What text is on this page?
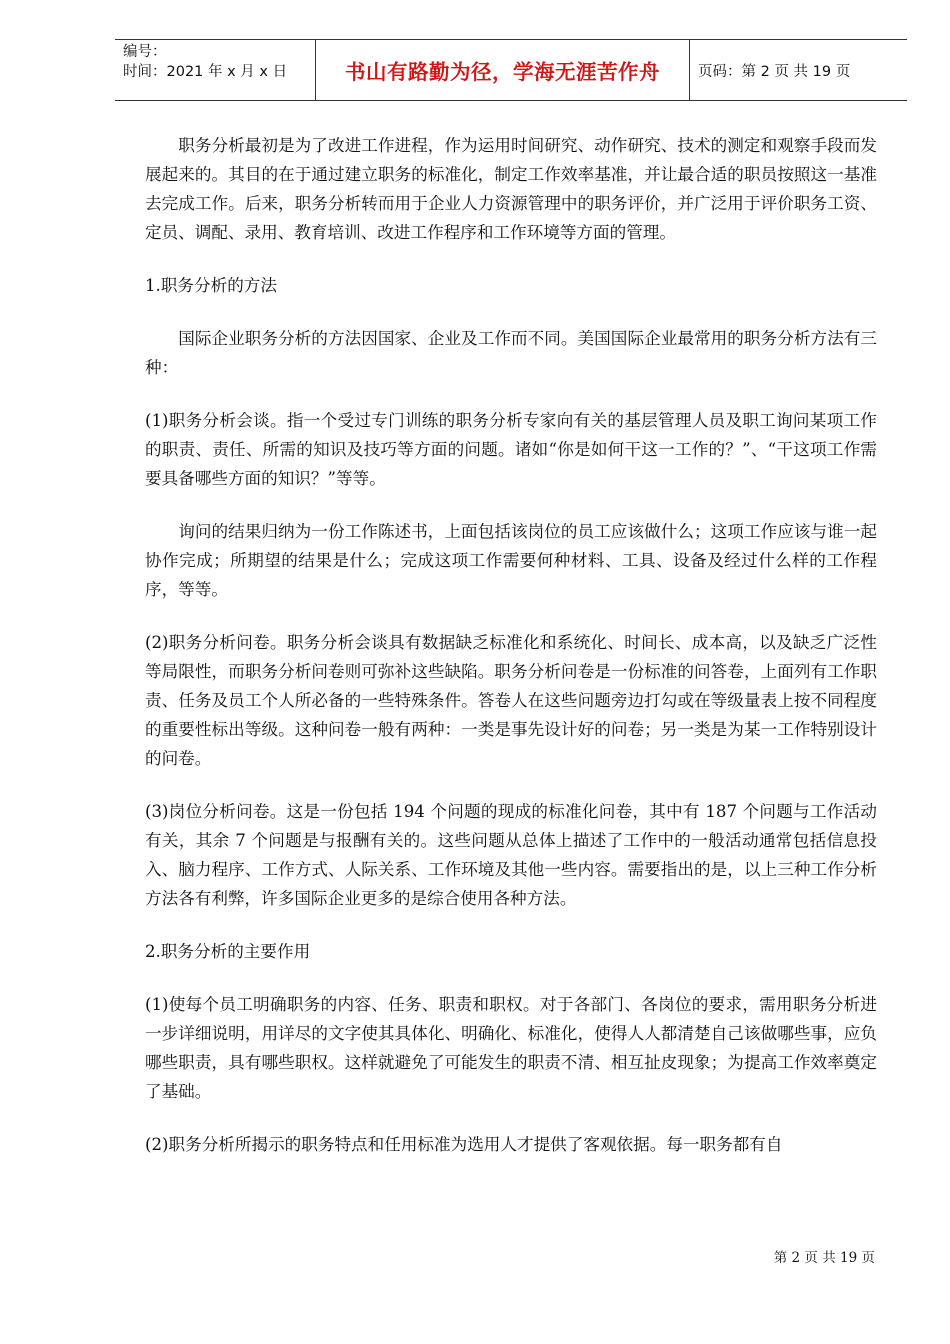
编号：
时间：2021 年 x 月 x 日	书山有路勤为径，学海无涯苦作舟	页码：第 2 页 共 19 页

职务分析最初是为了改进工作进程，作为运用时间研究、动作研究、技术的测定和观察手段而发展起来的。其目的在于通过建立职务的标准化，制定工作效率基准，并让最合适的职员按照这一基准去完成工作。后来，职务分析转而用于企业人力资源管理中的职务评价，并广泛用于评价职务工资、定员、调配、录用、教育培训、改进工作程序和工作环境等方面的管理。

1.职务分析的方法

国际企业职务分析的方法因国家、企业及工作而不同。美国国际企业最常用的职务分析方法有三种：

(1)职务分析会谈。指一个受过专门训练的职务分析专家向有关的基层管理人员及职工询问某项工作的职责、责任、所需的知识及技巧等方面的问题。诸如“你是如何干这一工作的？”、“干这项工作需要具备哪些方面的知识？”等等。

询问的结果归纳为一份工作陈述书，上面包括该岗位的员工应该做什么；这项工作应该与谁一起协作完成；所期望的结果是什么；完成这项工作需要何种材料、工具、设备及经过什么样的工作程序，等等。

(2)职务分析问卷。职务分析会谈具有数据缺乏标准化和系统化、时间长、成本高，以及缺乏广泛性等局限性，而职务分析问卷则可弥补这些缺陷。职务分析问卷是一份标准的问答卷，上面列有工作职责、任务及员工个人所必备的一些特殊条件。答卷人在这些问题旁边打勾或在等级量表上按不同程度的重要性标出等级。这种问卷一般有两种：一类是事先设计好的问卷；另一类是为某一工作特别设计的问卷。

(3)岗位分析问卷。这是一份包括 194 个问题的现成的标准化问卷，其中有 187 个问题与工作活动有关，其余 7 个问题是与报酬有关的。这些问题从总体上描述了工作中的一般活动通常包括信息投入、脑力程序、工作方式、人际关系、工作环境及其他一些内容。需要指出的是，以上三种工作分析方法各有利弊，许多国际企业更多的是综合使用各种方法。

2.职务分析的主要作用

(1)使每个员工明确职务的内容、任务、职责和职权。对于各部门、各岗位的要求，需用职务分析进一步详细说明，用详尽的文字使其具体化、明确化、标准化，使得人人都清楚自己该做哪些事，应负哪些职责，具有哪些职权。这样就避免了可能发生的职责不清、相互扯皮现象；为提高工作效率奠定了基础。

(2)职务分析所揭示的职务特点和任用标准为选用人才提供了客观依据。每一职务都有自

第 2 页 共 19 页
